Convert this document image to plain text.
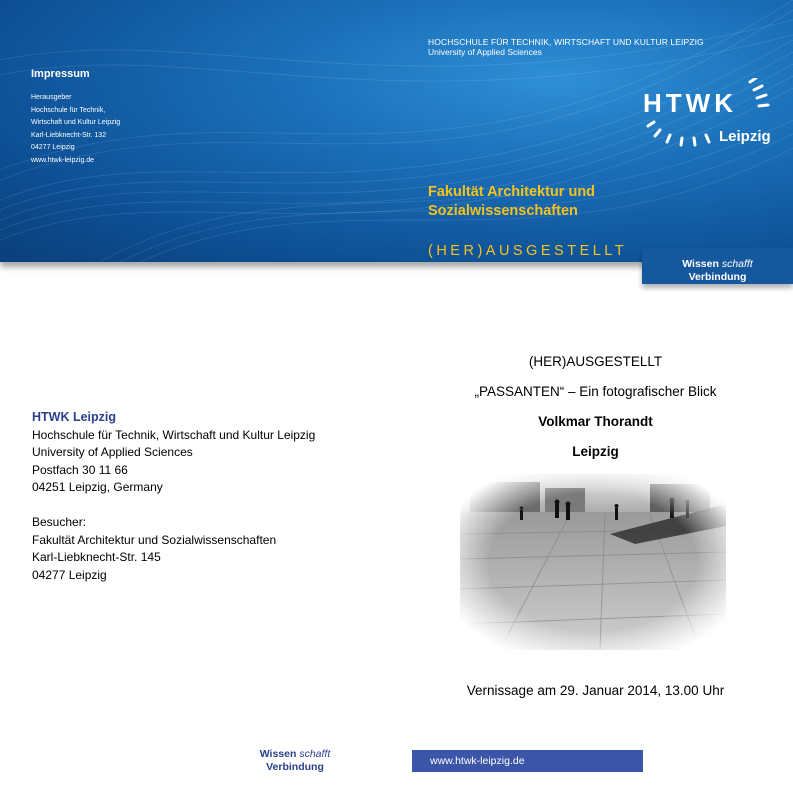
Impressum
Herausgeber
Hochschule für Technik,
Wirtschaft und Kultur Leipzig
Karl-Liebknecht-Str. 132
04277 Leipzig
www.htwk-leipzig.de
HOCHSCHULE FÜR TECHNIK, WIRTSCHAFT UND KULTUR LEIPZIG
University of Applied Sciences
HTWK
Leipzig
Fakultät Architektur und
Sozialwissenschaften
(HER)AUSGESTELLT
Wissen schafft
Verbindung
HTWK Leipzig
Hochschule für Technik, Wirtschaft und Kultur Leipzig
University of Applied Sciences
Postfach 30 11 66
04251 Leipzig, Germany
Besucher:
Fakultät Architektur und Sozialwissenschaften
Karl-Liebknecht-Str. 145
04277 Leipzig
(HER)AUSGESTELLT
„PASSANTEN“ – Ein fotografischer Blick
Volkmar Thorandt
Leipzig
Vernissage am 29. Januar 2014, 13.00 Uhr
Wissen schafft
Verbindung	www.htwk-leipzig.de
